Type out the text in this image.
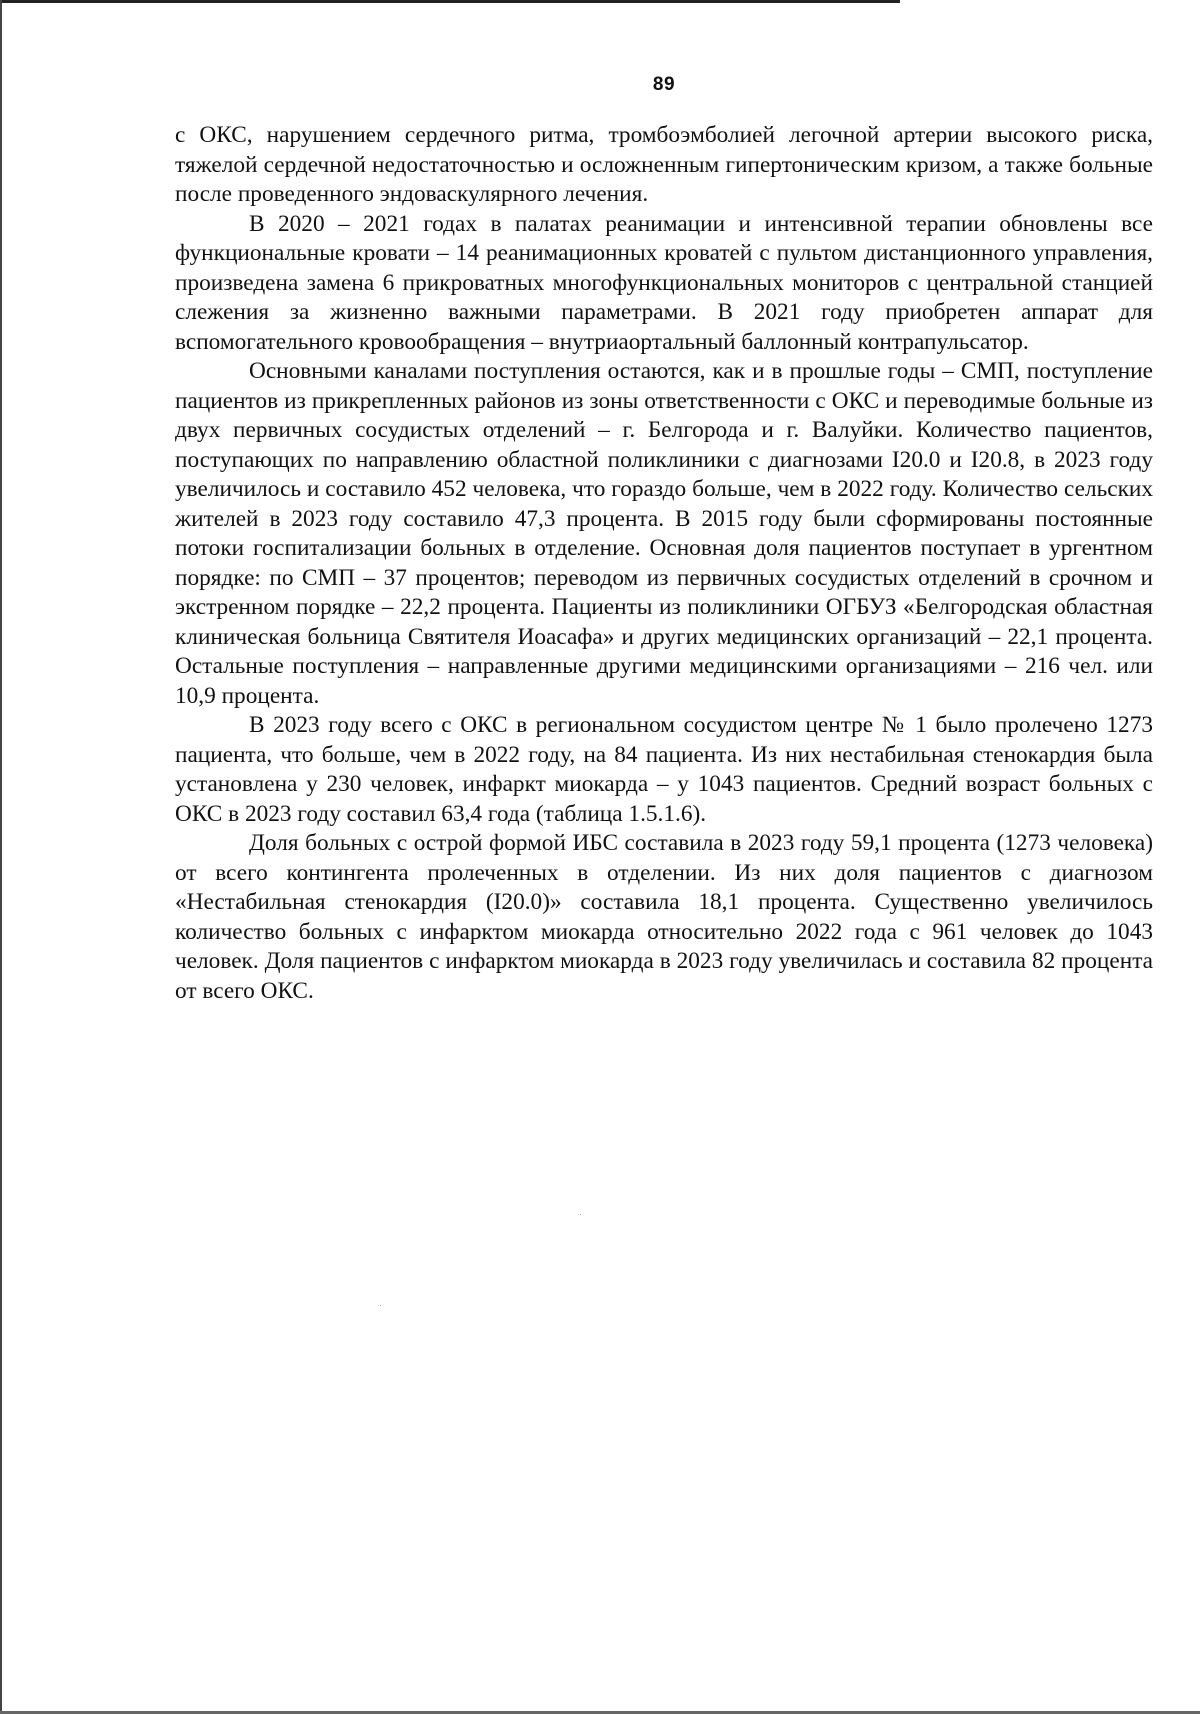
89

с ОКС, нарушением сердечного ритма, тромбоэмболией легочной артерии высокого риска, тяжелой сердечной недостаточностью и осложненным гипертоническим кризом, а также больные после проведенного эндоваскулярного лечения.

В 2020 – 2021 годах в палатах реанимации и интенсивной терапии обновлены все функциональные кровати – 14 реанимационных кроватей с пультом дистанционного управления, произведена замена 6 прикроватных многофункциональных мониторов с центральной станцией слежения за жизненно важными параметрами. В 2021 году приобретен аппарат для вспомогательного кровообращения – внутриаортальный баллонный контрапульсатор.

Основными каналами поступления остаются, как и в прошлые годы – СМП, поступление пациентов из прикрепленных районов из зоны ответственности с ОКС и переводимые больные из двух первичных сосудистых отделений – г. Белгорода и г. Валуйки. Количество пациентов, поступающих по направлению областной поликлиники с диагнозами I20.0 и I20.8, в 2023 году увеличилось и составило 452 человека, что гораздо больше, чем в 2022 году. Количество сельских жителей в 2023 году составило 47,3 процента. В 2015 году были сформированы постоянные потоки госпитализации больных в отделение. Основная доля пациентов поступает в ургентном порядке: по СМП – 37 процентов; переводом из первичных сосудистых отделений в срочном и экстренном порядке – 22,2 процента. Пациенты из поликлиники ОГБУЗ «Белгородская областная клиническая больница Святителя Иоасафа» и других медицинских организаций – 22,1 процента. Остальные поступления – направленные другими медицинскими организациями – 216 чел. или 10,9 процента.

В 2023 году всего с ОКС в региональном сосудистом центре № 1 было пролечено 1273 пациента, что больше, чем в 2022 году, на 84 пациента. Из них нестабильная стенокардия была установлена у 230 человек, инфаркт миокарда – у 1043 пациентов. Средний возраст больных с ОКС в 2023 году составил 63,4 года (таблица 1.5.1.6).

Доля больных с острой формой ИБС составила в 2023 году 59,1 процента (1273 человека) от всего контингента пролеченных в отделении. Из них доля пациентов с диагнозом «Нестабильная стенокардия (I20.0)» составила 18,1 процента. Существенно увеличилось количество больных с инфарктом миокарда относительно 2022 года с 961 человек до 1043 человек. Доля пациентов с инфарктом миокарда в 2023 году увеличилась и составила 82 процента от всего ОКС.
